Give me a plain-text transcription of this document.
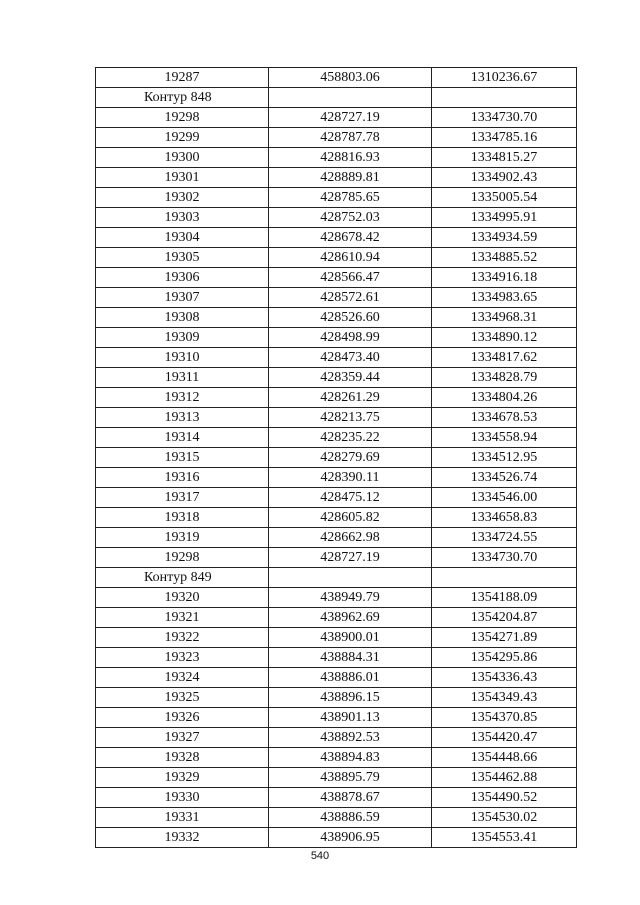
19287	458803.06	1310236.67
Контур 848		
19298	428727.19	1334730.70
19299	428787.78	1334785.16
19300	428816.93	1334815.27
19301	428889.81	1334902.43
19302	428785.65	1335005.54
19303	428752.03	1334995.91
19304	428678.42	1334934.59
19305	428610.94	1334885.52
19306	428566.47	1334916.18
19307	428572.61	1334983.65
19308	428526.60	1334968.31
19309	428498.99	1334890.12
19310	428473.40	1334817.62
19311	428359.44	1334828.79
19312	428261.29	1334804.26
19313	428213.75	1334678.53
19314	428235.22	1334558.94
19315	428279.69	1334512.95
19316	428390.11	1334526.74
19317	428475.12	1334546.00
19318	428605.82	1334658.83
19319	428662.98	1334724.55
19298	428727.19	1334730.70
Контур 849		
19320	438949.79	1354188.09
19321	438962.69	1354204.87
19322	438900.01	1354271.89
19323	438884.31	1354295.86
19324	438886.01	1354336.43
19325	438896.15	1354349.43
19326	438901.13	1354370.85
19327	438892.53	1354420.47
19328	438894.83	1354448.66
19329	438895.79	1354462.88
19330	438878.67	1354490.52
19331	438886.59	1354530.02
19332	438906.95	1354553.41
540
